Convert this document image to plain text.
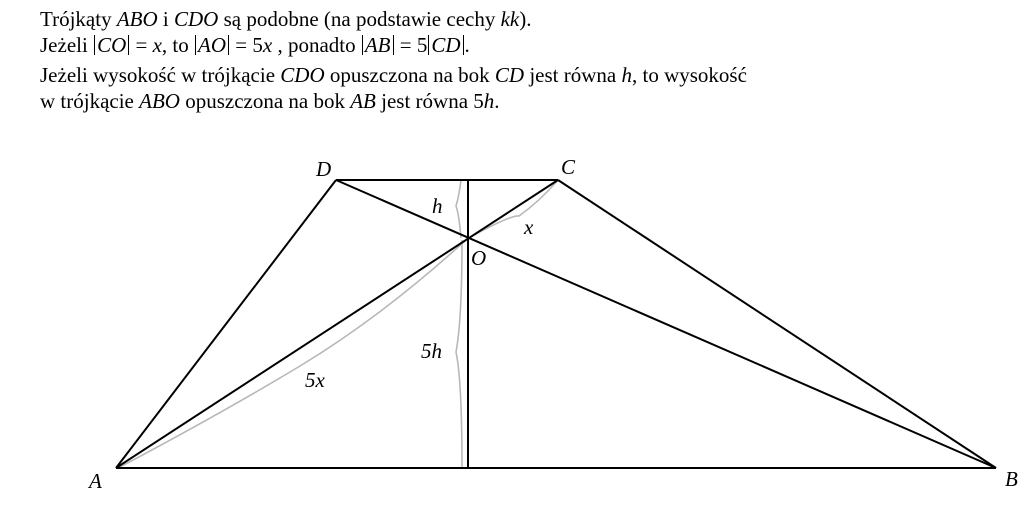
Trójkąty ABO i CDO są podobne (na podstawie cechy kk).
Jeżeli CO = x, to AO = 5x , ponadto AB = 5 CD .
Jeżeli wysokość w trójkącie CDO opuszczona na bok CD jest równa h, to wysokość
w trójkącie ABO opuszczona na bok AB jest równa 5h.
D	C
A	B
O
h
x
5h
5x
